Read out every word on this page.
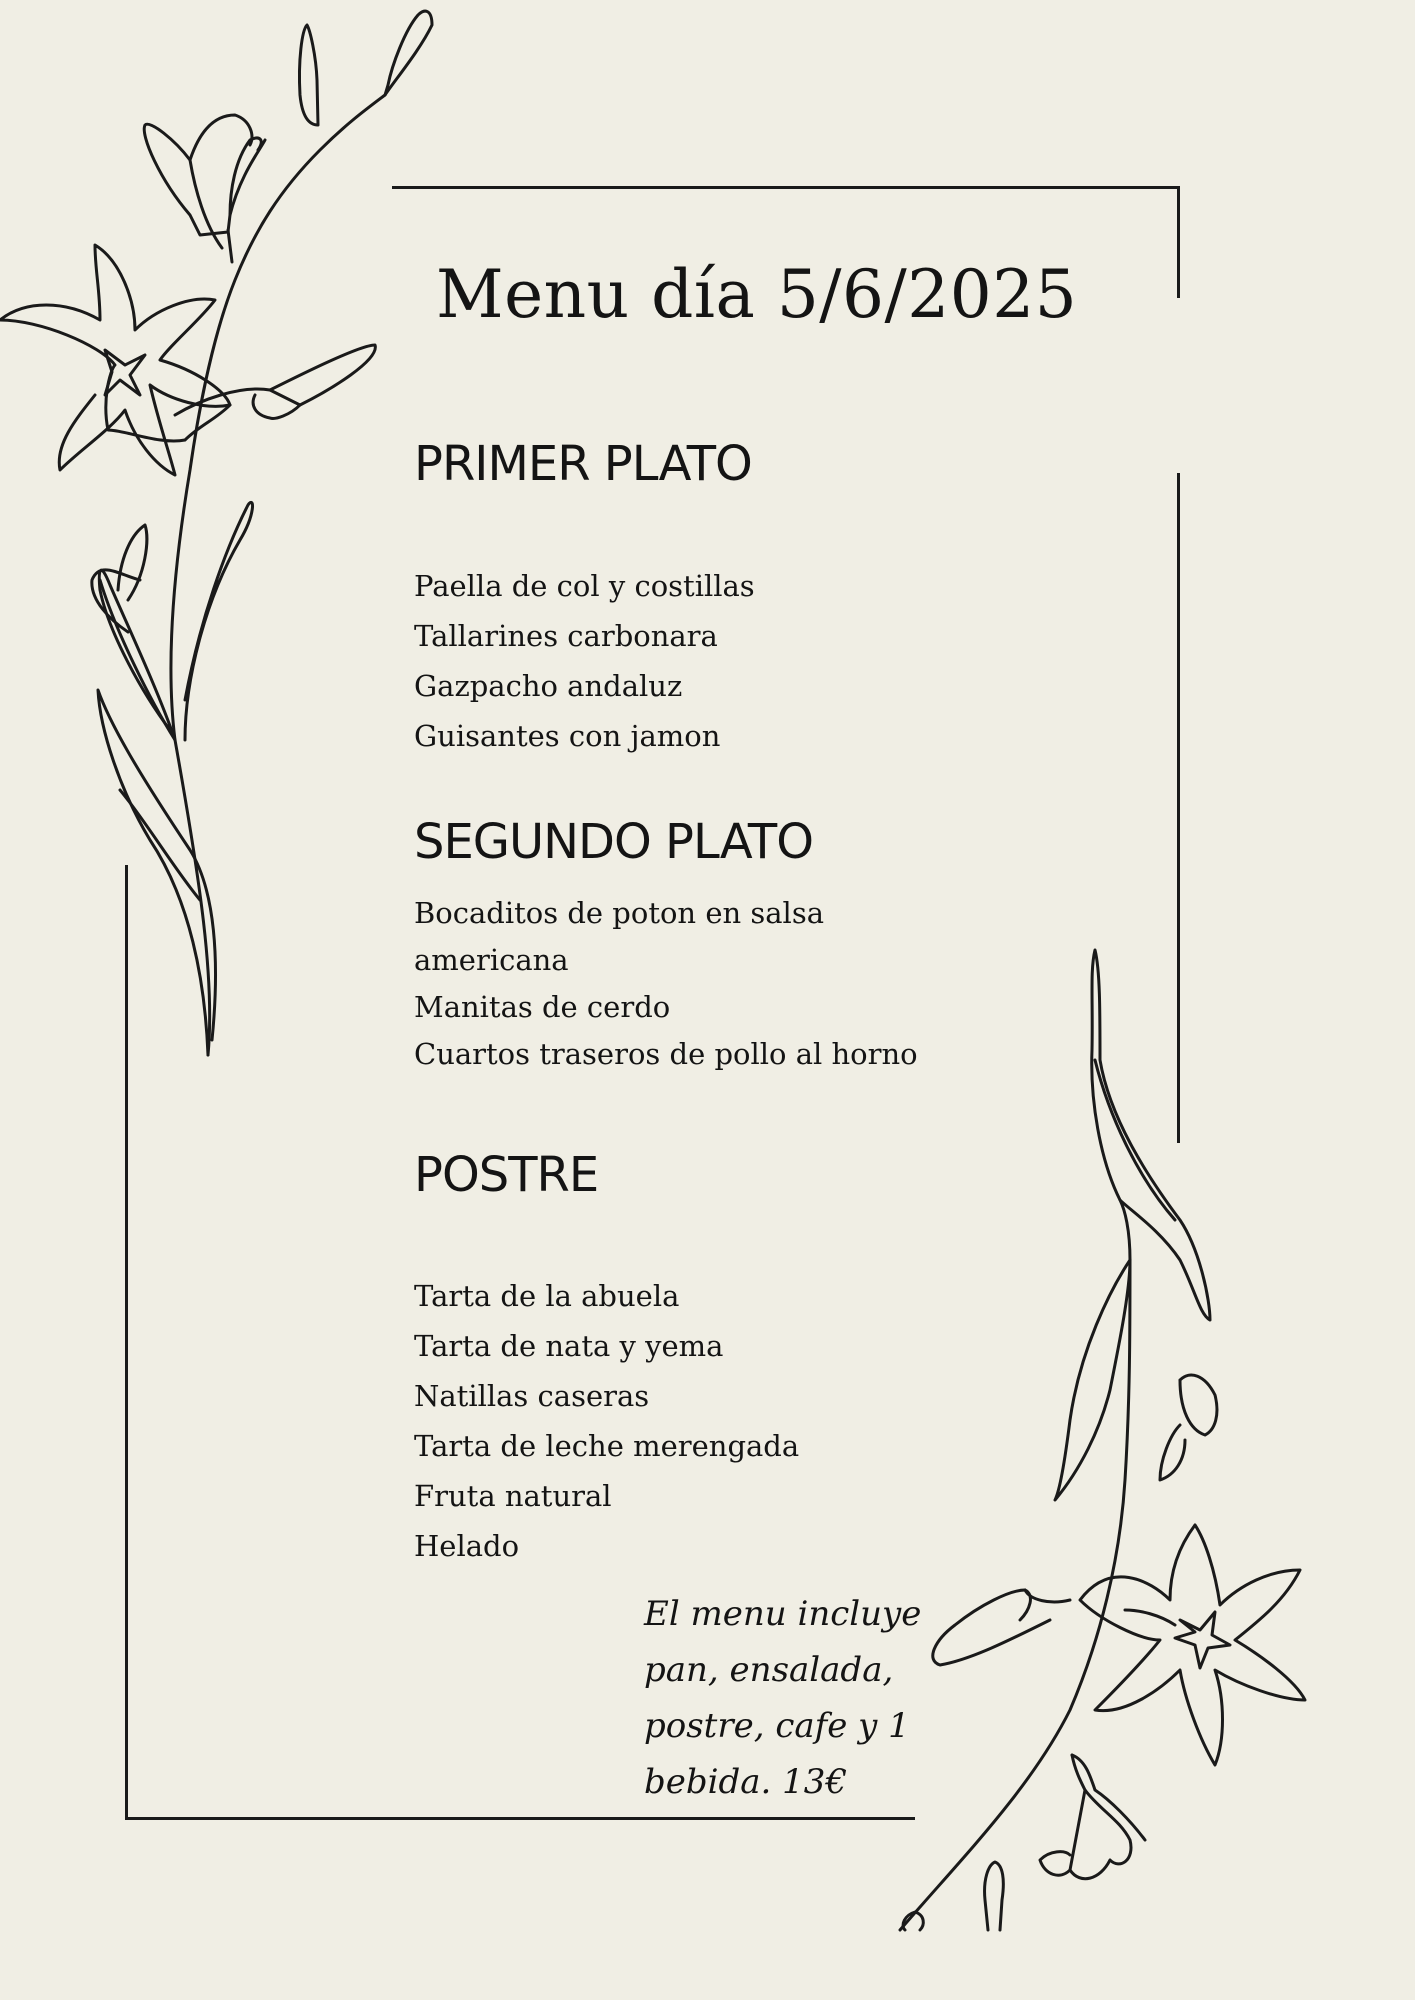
Menu día 5/6/2025
PRIMER PLATO
Paella de col y costillas
Tallarines carbonara
Gazpacho andaluz
Guisantes con jamon
SEGUNDO PLATO
Bocaditos de poton en salsa
americana
Manitas de cerdo
Cuartos traseros de pollo al horno
POSTRE
Tarta de la abuela
Tarta de nata y yema
Natillas caseras
Tarta de leche merengada
Fruta natural
Helado
El menu incluye pan, ensalada, postre, cafe y 1 bebida. 13€
